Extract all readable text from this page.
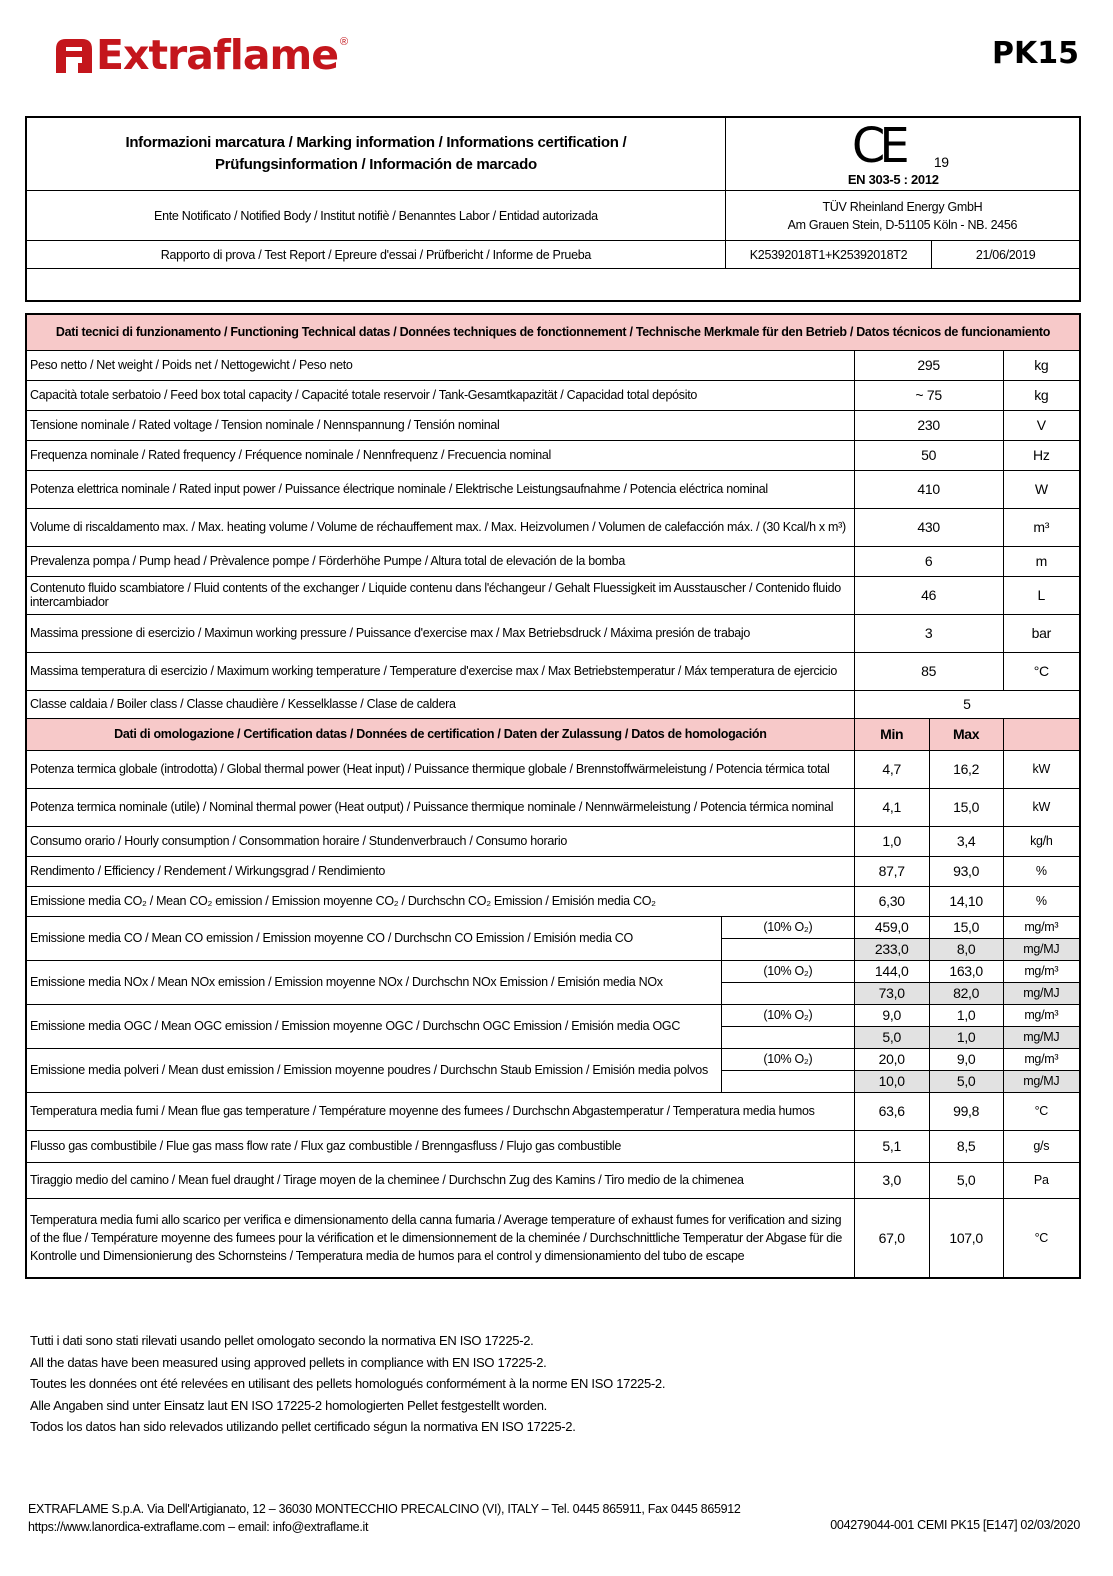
Extraflame ®	PK15
Informazioni marcatura / Marking information / Informations certification /
Prüfungsinformation / Información de marcado	CE 19
EN 303-5 : 2012

Ente Notificato / Notified Body / Institut notifiè / Benanntes Labor / Entidad autorizada	TÜV Rheinland Energy GmbH
Am Grauen Stein, D-51105 Köln - NB. 2456	

Rapporto di prova / Test Report / Epreure d'essai / Prüfbericht / Informe de Prueba	K25392018T1+K25392018T2	21/06/2019

Dati tecnici di funzionamento / Functioning Technical datas / Données techniques de fonctionnement / Technische Merkmale für den Betrieb / Datos técnicos de funcionamiento				
Peso netto / Net weight / Poids net / Nettogewicht / Peso neto		295		kg
Capacità totale serbatoio / Feed box total capacity / Capacité totale reservoir / Tank-Gesamtkapazität / Capacidad total depósito		~ 75		kg
Tensione nominale / Rated voltage / Tension nominale / Nennspannung / Tensión nominal		230		V
Frequenza nominale / Rated frequency / Fréquence nominale / Nennfrequenz / Frecuencia nominal		50		Hz
Potenza elettrica nominale / Rated input power / Puissance électrique nominale / Elektrische Leistungsaufnahme / Potencia eléctrica nominal		410		W
Volume di riscaldamento max. / Max. heating volume / Volume de réchauffement max. / Max. Heizvolumen / Volumen de calefacción máx. / (30 Kcal/h x m³)		430		m³
Prevalenza pompa / Pump head / Prèvalence pompe / Förderhöhe Pumpe / Altura total de elevación de la bomba		6		m
Contenuto fluido scambiatore / Fluid contents of the exchanger / Liquide contenu dans l'échangeur / Gehalt Fluessigkeit im Ausstauscher / Contenido fluido intercambiador		46		L
Massima pressione di esercizio / Maximun working pressure / Puissance d'exercise max / Max Betriebsdruck / Máxima presión de trabajo		3		bar
Massima temperatura di esercizio / Maximum working temperature / Temperature d'exercise max / Max Betriebstemperatur / Máx temperatura de ejercicio		85		°C
Classe caldaia / Boiler class / Classe chaudière / Kesselklasse / Clase de caldera		5		
Dati di omologazione / Certification datas / Données de certification / Daten der Zulassung / Datos de homologación		Min	Max	
Potenza termica globale (introdotta) / Global thermal power (Heat input) / Puissance thermique globale / Brennstoffwärmeleistung / Potencia térmica total		4,7	16,2	kW
Potenza termica nominale (utile) / Nominal thermal power (Heat output) / Puissance thermique nominale / Nennwärmeleistung / Potencia térmica nominal		4,1	15,0	kW
Consumo orario / Hourly consumption / Consommation horaire / Stundenverbrauch / Consumo horario		1,0	3,4	kg/h
Rendimento / Efficiency / Rendement / Wirkungsgrad / Rendimiento		87,7	93,0	%
Emissione media CO₂ / Mean CO₂ emission / Emission moyenne CO₂ / Durchschn CO₂ Emission / Emisión media CO₂		6,30	14,10	%
Emissione media CO / Mean CO emission / Emission moyenne CO / Durchschn CO Emission / Emisión media CO	(10% O₂)	459,0	15,0	mg/m³
		233,0	8,0	mg/MJ
Emissione media NOx / Mean NOx emission / Emission moyenne NOx / Durchschn NOx Emission / Emisión media NOx	(10% O₂)	144,0	163,0	mg/m³
		73,0	82,0	mg/MJ
Emissione media OGC / Mean OGC emission / Emission moyenne OGC / Durchschn OGC Emission / Emisión media OGC	(10% O₂)	9,0	1,0	mg/m³
		5,0	1,0	mg/MJ
Emissione media polveri / Mean dust emission / Emission moyenne poudres / Durchschn Staub Emission / Emisión media polvos	(10% O₂)	20,0	9,0	mg/m³
		10,0	5,0	mg/MJ
Temperatura media fumi / Mean flue gas temperature / Température moyenne des fumees / Durchschn Abgastemperatur / Temperatura media humos		63,6	99,8	°C
Flusso gas combustibile / Flue gas mass flow rate / Flux gaz combustible / Brenngasfluss / Flujo gas combustible		5,1	8,5	g/s
Tiraggio medio del camino / Mean fuel draught / Tirage moyen de la cheminee / Durchschn Zug des Kamins / Tiro medio de la chimenea		3,0	5,0	Pa
Temperatura media fumi allo scarico per verifica e dimensionamento della canna fumaria / Average temperature of exhaust fumes for verification and sizing of the flue / Température moyenne des fumees pour la vérification et le dimensionnement de la cheminée / Durchschnittliche Temperatur der Abgase für die Kontrolle und Dimensionierung des Schornsteins / Temperatura media de humos para el control y dimensionamiento del tubo de escape		67,0	107,0	°C
Tutti i dati sono stati rilevati usando pellet omologato secondo la normativa EN ISO 17225-2.
All the datas have been measured using approved pellets in compliance with EN ISO 17225-2.
Toutes les données ont été relevées en utilisant des pellets homologués conformément à la norme EN ISO 17225-2.
Alle Angaben sind unter Einsatz laut EN ISO 17225-2 homologierten Pellet festgestellt worden.
Todos los datos han sido relevados utilizando pellet certificado ségun la normativa EN ISO 17225-2.
EXTRAFLAME S.p.A. Via Dell'Artigianato, 12 – 36030 MONTECCHIO PRECALCINO (VI), ITALY – Tel. 0445 865911, Fax 0445 865912
https://www.lanordica-extraflame.com – email: info@extraflame.it	004279044-001 CEMI PK15 [E147] 02/03/2020
